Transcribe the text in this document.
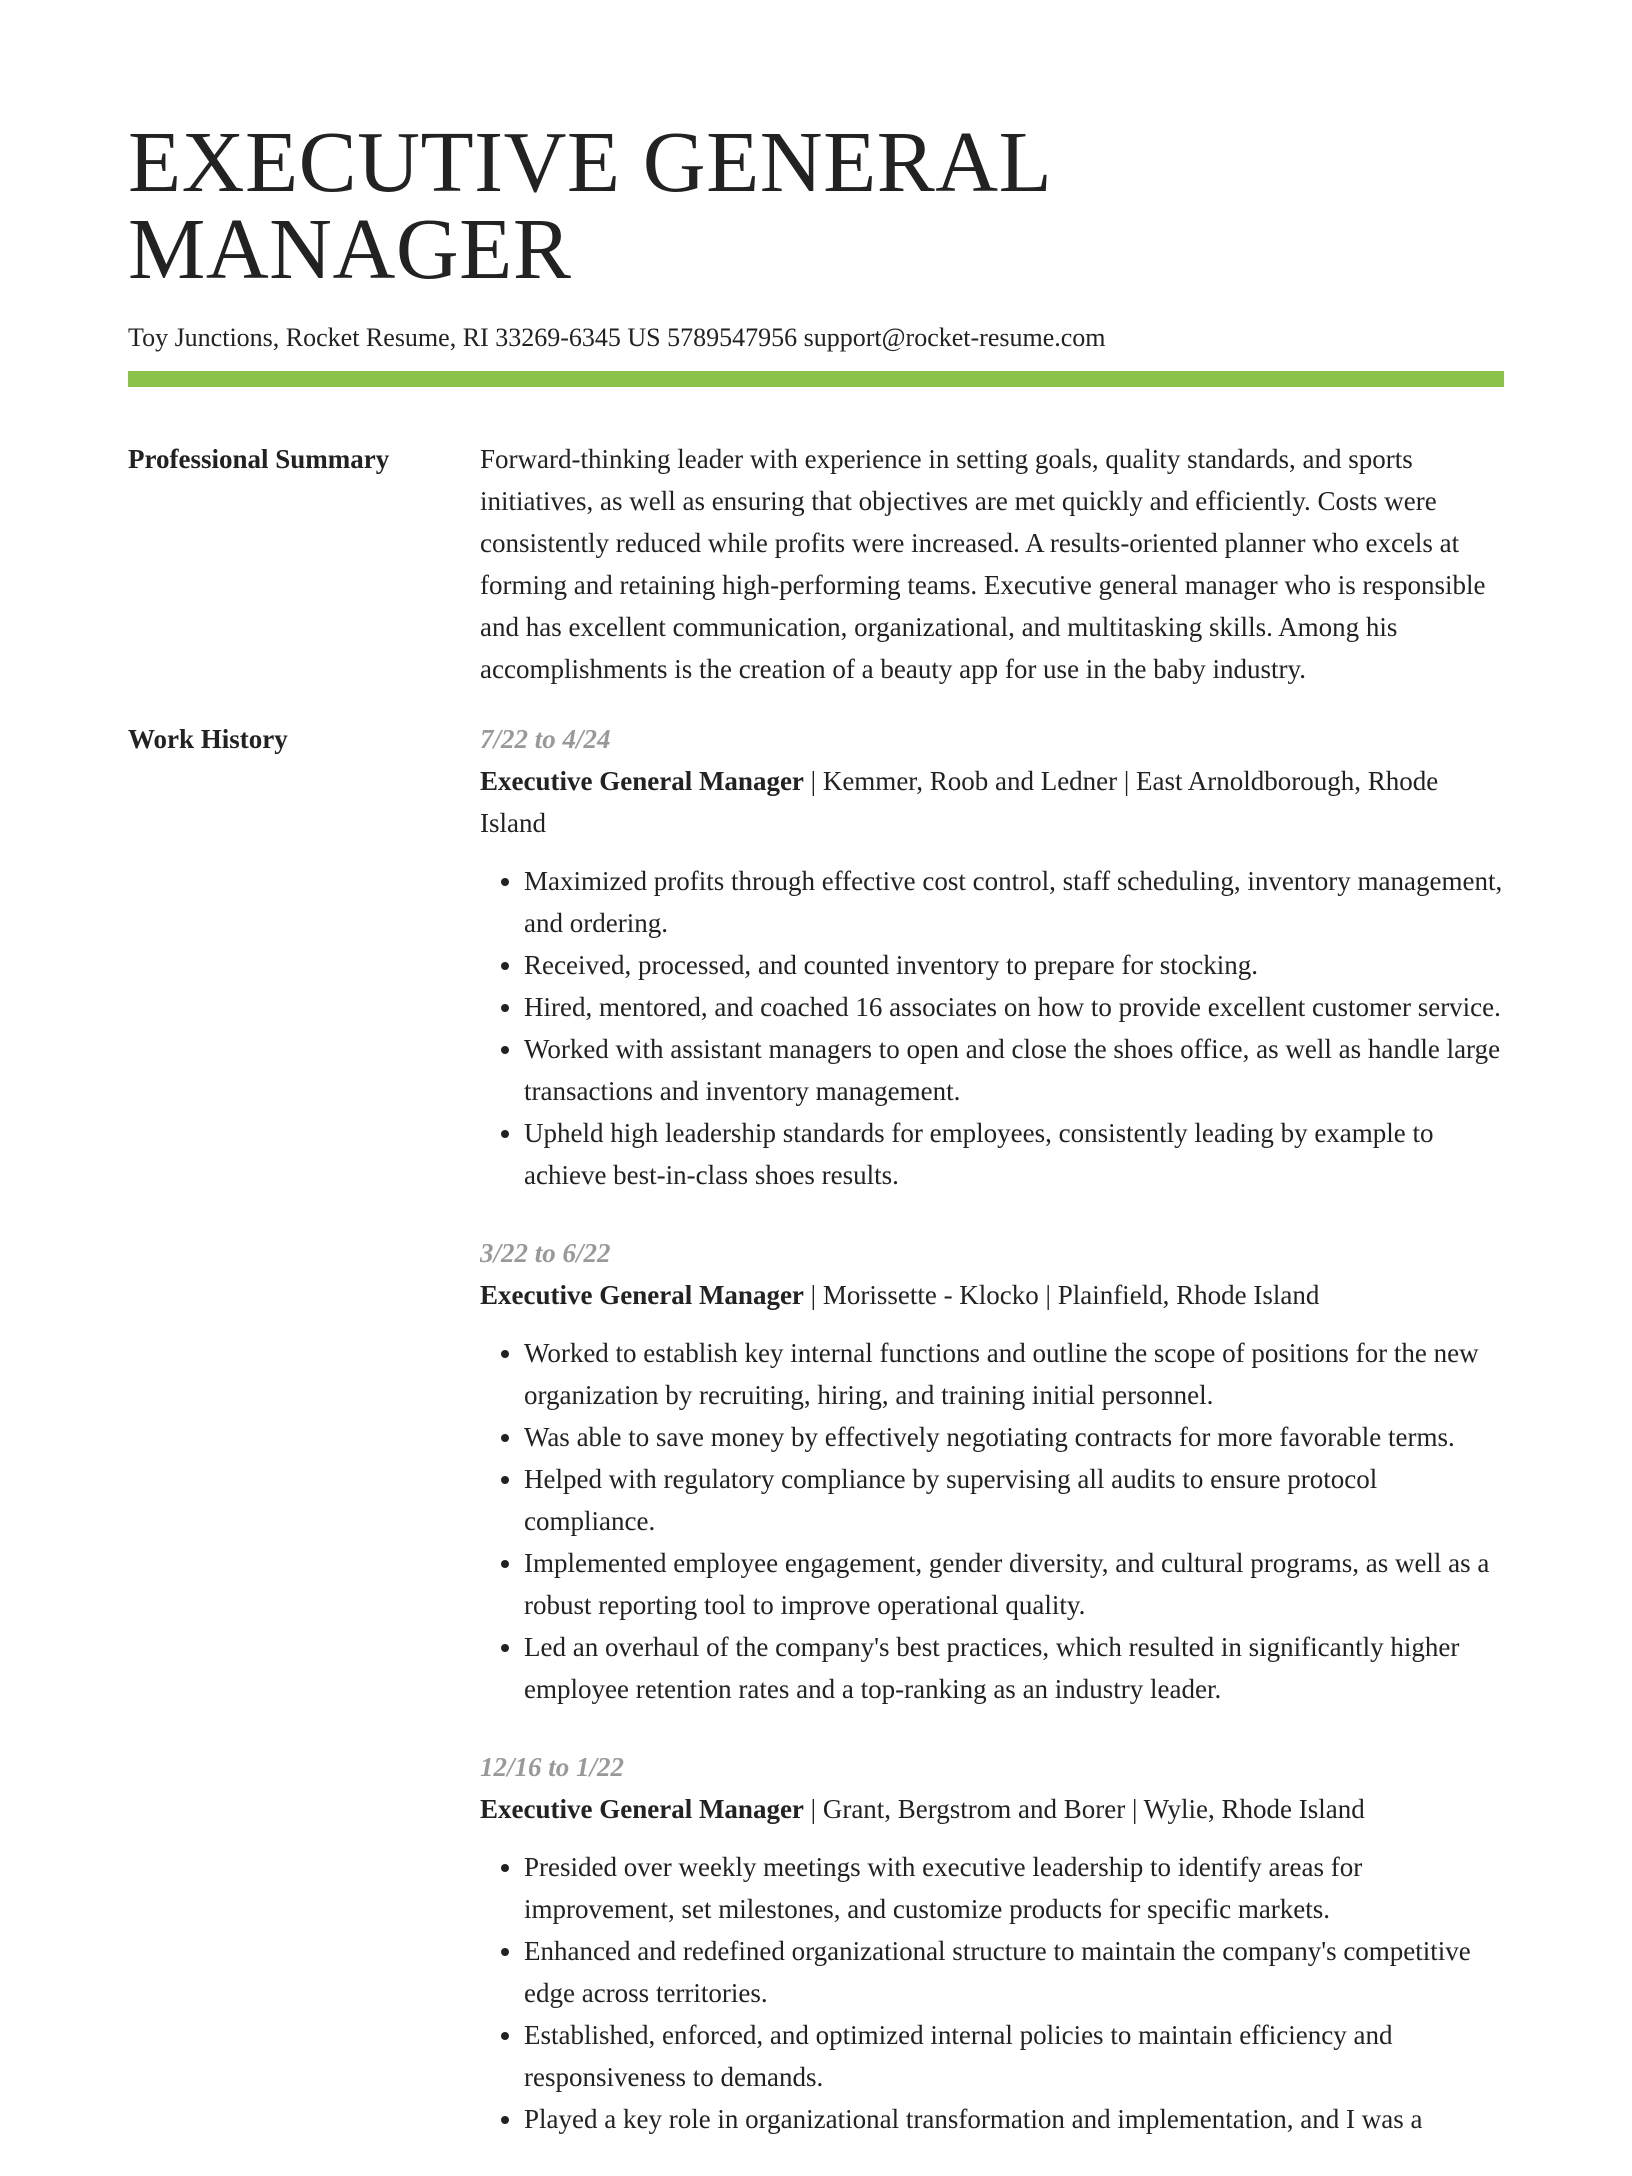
EXECUTIVE GENERAL MANAGER
Toy Junctions, Rocket Resume, RI 33269-6345 US 5789547956 support@rocket-resume.com
Professional Summary	Forward-thinking leader with experience in setting goals, quality standards, and sports initiatives, as well as ensuring that objectives are met quickly and efficiently. Costs were consistently reduced while profits were increased. A results-oriented planner who excels at forming and retaining high-performing teams. Executive general manager who is responsible and has excellent communication, organizational, and multitasking skills. Among his accomplishments is the creation of a beauty app for use in the baby industry.

Work History	7/22 to 4/24
Executive General Manager | Kemmer, Roob and Ledner | East Arnoldborough, Rhode Island
• Maximized profits through effective cost control, staff scheduling, inventory management, and ordering.
• Received, processed, and counted inventory to prepare for stocking.
• Hired, mentored, and coached 16 associates on how to provide excellent customer service.
• Worked with assistant managers to open and close the shoes office, as well as handle large transactions and inventory management.
• Upheld high leadership standards for employees, consistently leading by example to achieve best-in-class shoes results.
3/22 to 6/22
Executive General Manager | Morissette - Klocko | Plainfield, Rhode Island
• Worked to establish key internal functions and outline the scope of positions for the new organization by recruiting, hiring, and training initial personnel.
• Was able to save money by effectively negotiating contracts for more favorable terms.
• Helped with regulatory compliance by supervising all audits to ensure protocol compliance.
• Implemented employee engagement, gender diversity, and cultural programs, as well as a robust reporting tool to improve operational quality.
• Led an overhaul of the company's best practices, which resulted in significantly higher employee retention rates and a top-ranking as an industry leader.
12/16 to 1/22
Executive General Manager | Grant, Bergstrom and Borer | Wylie, Rhode Island
• Presided over weekly meetings with executive leadership to identify areas for improvement, set milestones, and customize products for specific markets.
• Enhanced and redefined organizational structure to maintain the company's competitive edge across territories.
• Established, enforced, and optimized internal policies to maintain efficiency and responsiveness to demands.
• Played a key role in organizational transformation and implementation, and I was a
